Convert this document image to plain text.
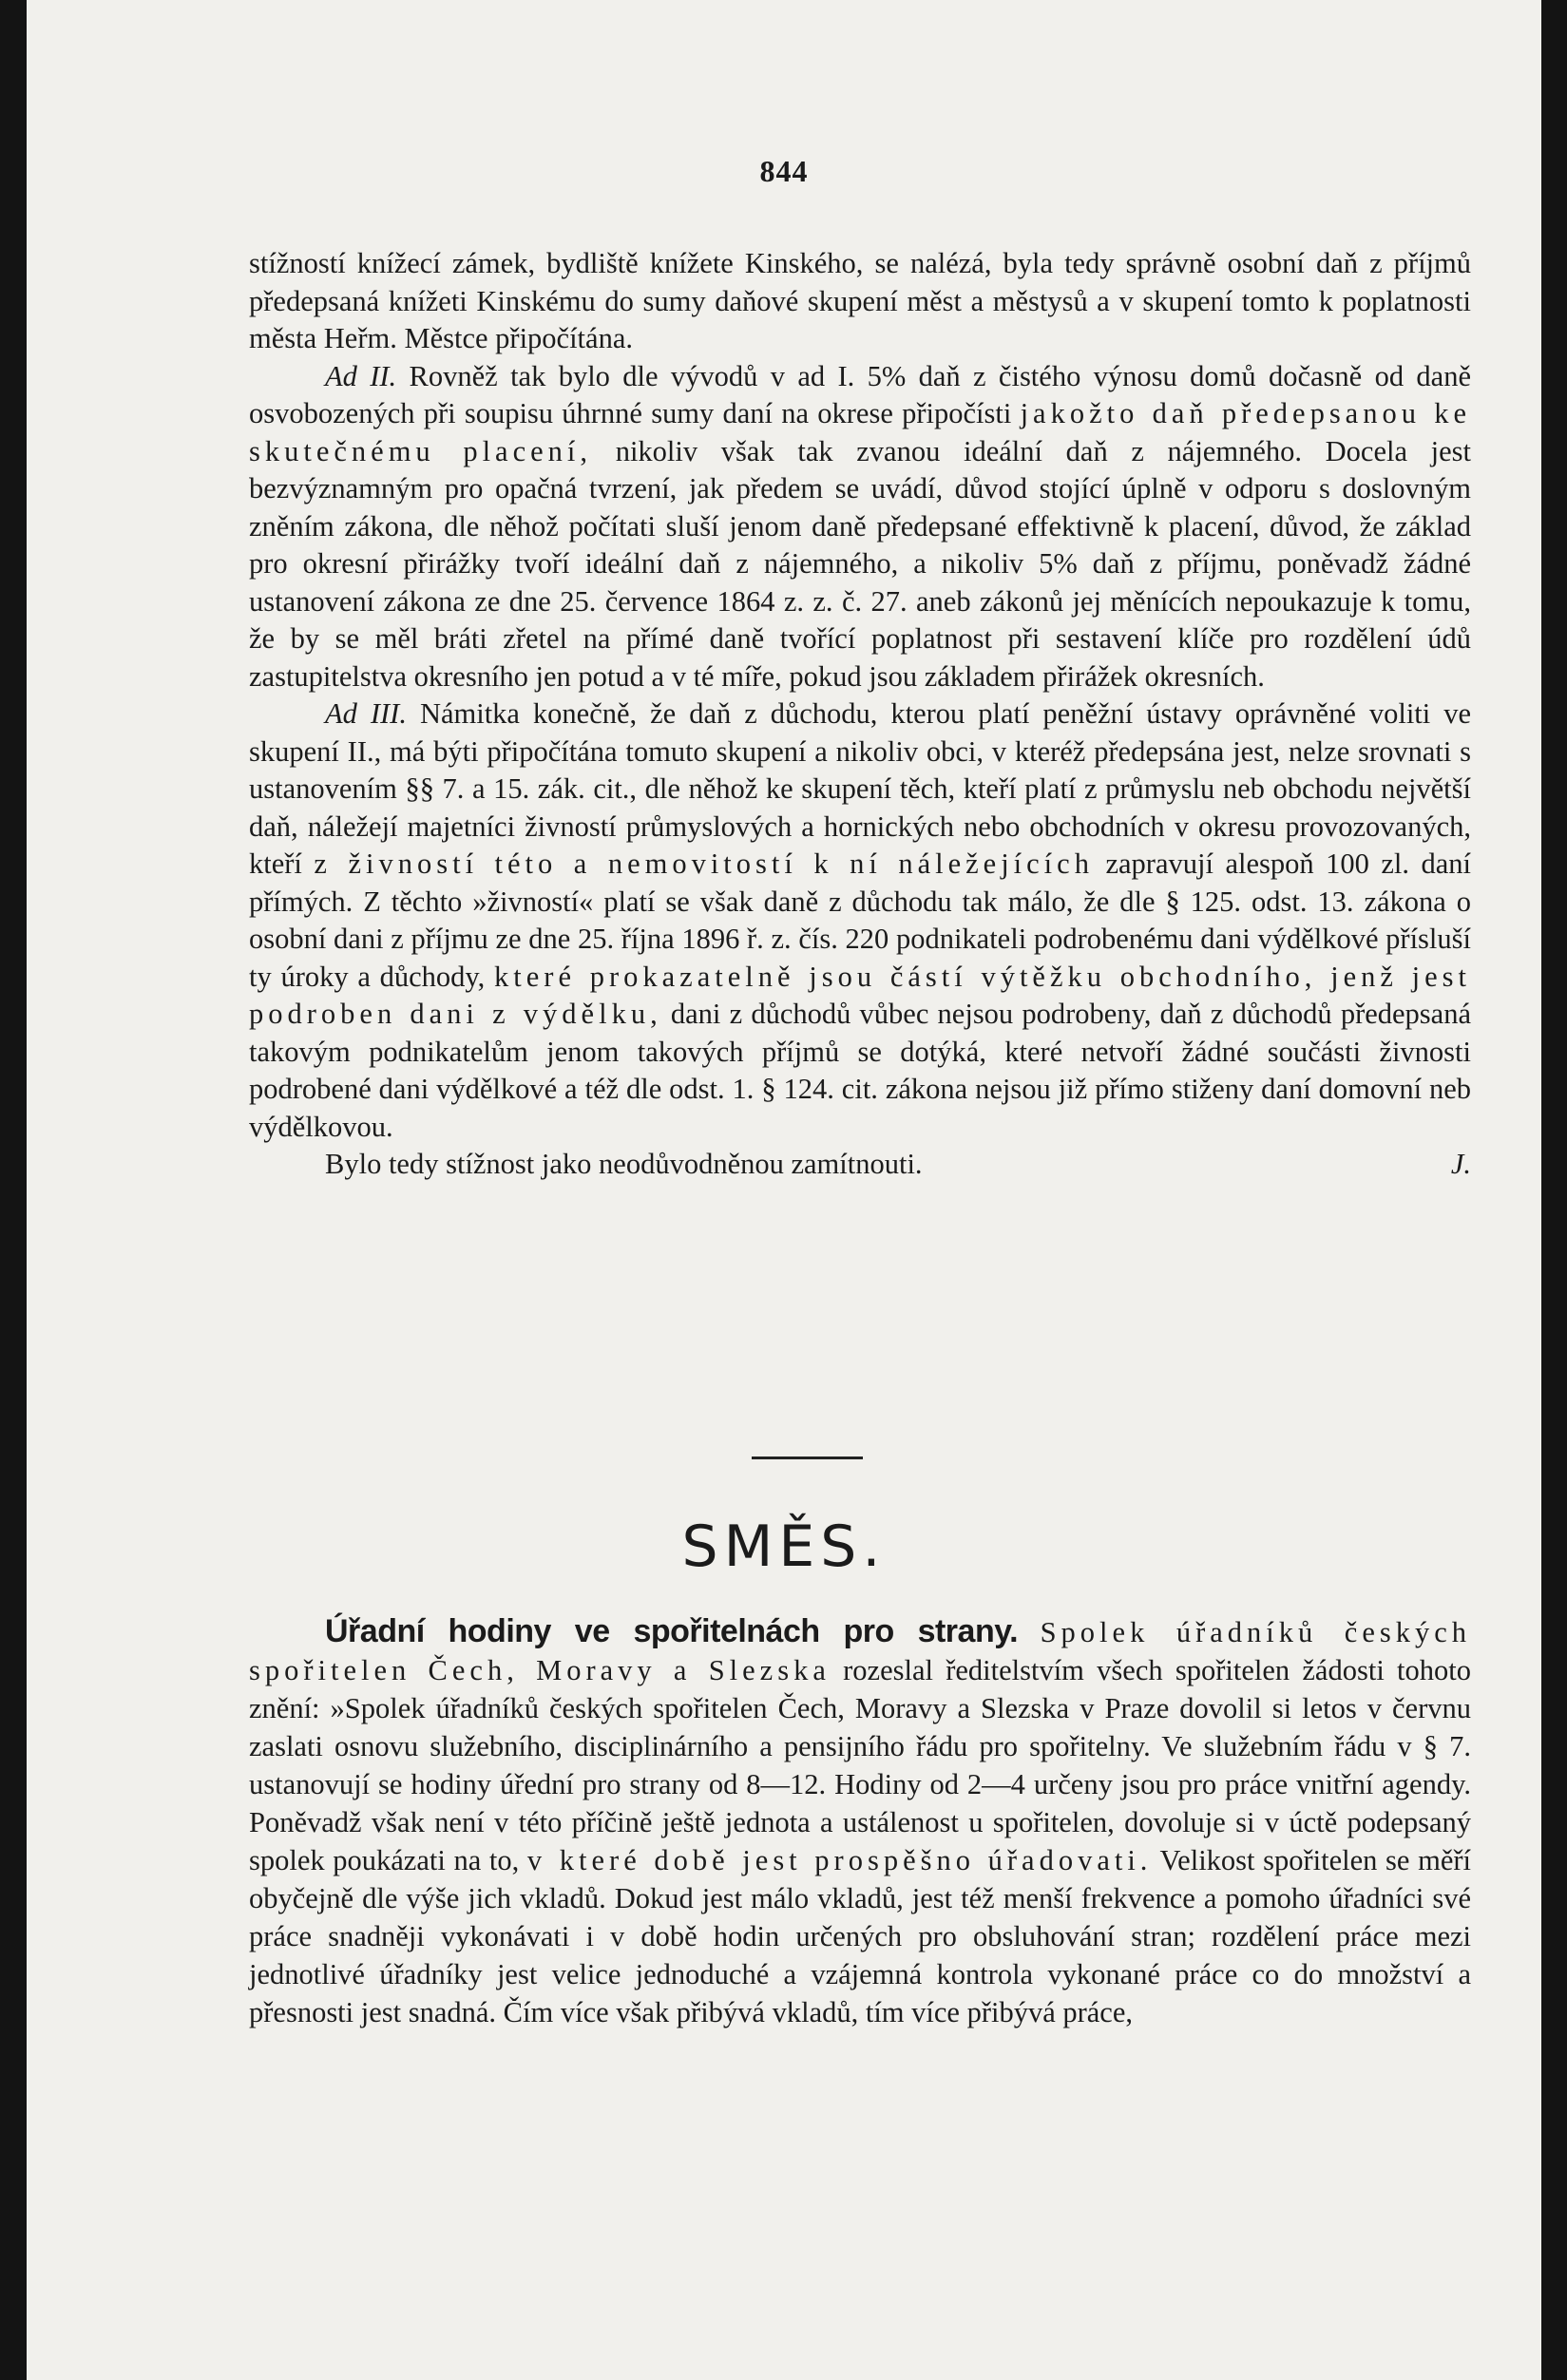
844

stížností knížecí zámek, bydliště knížete Kinského, se nalézá, byla tedy správně osobní daň z příjmů předepsaná knížeti Kinskému do sumy daňové skupení měst a městysů a v skupení tomto k poplatnosti města Heřm. Městce připočítána.

Ad II. Rovněž tak bylo dle vývodů v ad I. 5% daň z čistého výnosu domů dočasně od daně osvobozených při soupisu úhrnné sumy daní na okrese připočísti jakožto daň předepsanou ke skutečnému placení, nikoliv však tak zvanou ideální daň z nájemného. Docela jest bezvýznamným pro opačná tvrzení, jak předem se uvádí, důvod stojící úplně v odporu s doslovným zněním zákona, dle něhož počítati sluší jenom daně předepsané effektivně k placení, důvod, že základ pro okresní přirážky tvoří ideální daň z nájemného, a nikoliv 5% daň z příjmu, poněvadž žádné ustanovení zákona ze dne 25. července 1864 z. z. č. 27. aneb zákonů jej měnících nepoukazuje k tomu, že by se měl bráti zřetel na přímé daně tvořící poplatnost při sestavení klíče pro rozdělení údů zastupitelstva okresního jen potud a v té míře, pokud jsou základem přirážek okresních.

Ad III. Námitka konečně, že daň z důchodu, kterou platí peněžní ústavy oprávněné voliti ve skupení II., má býti připočítána tomuto skupení a nikoliv obci, v kteréž předepsána jest, nelze srovnati s ustanovením §§ 7. a 15. zák. cit., dle něhož ke skupení těch, kteří platí z průmyslu neb obchodu největší daň, náležejí majetníci živností průmyslových a hornických nebo obchodních v okresu provozovaných, kteří z živností této a nemovitostí k ní náležejících zapravují alespoň 100 zl. daní přímých. Z těchto »živností« platí se však daně z důchodu tak málo, že dle § 125. odst. 13. zákona o osobní dani z příjmu ze dne 25. října 1896 ř. z. čís. 220 podnikateli podrobenému dani výdělkové přísluší ty úroky a důchody, které prokazatelně jsou částí výtěžku obchodního, jenž jest podroben dani z výdělku, dani z důchodů vůbec nejsou podrobeny, daň z důchodů předepsaná takovým podnikatelům jenom takových příjmů se dotýká, které netvoří žádné součásti živnosti podrobené dani výdělkové a též dle odst. 1. § 124. cit. zákona nejsou již přímo stiženy daní domovní neb výdělkovou.

Bylo tedy stížnost jako neodůvodněnou zamítnouti.	J.

SMĚS.

Úřadní hodiny ve spořitelnách pro strany. Spolek úřadníků českých spořitelen Čech, Moravy a Slezska rozeslal ředitelstvím všech spořitelen žádosti tohoto znění: »Spolek úřadníků českých spořitelen Čech, Moravy a Slezska v Praze dovolil si letos v červnu zaslati osnovu služebního, disciplinárního a pensijního řádu pro spořitelny. Ve služebním řádu v § 7. ustanovují se hodiny úřední pro strany od 8—12. Hodiny od 2—4 určeny jsou pro práce vnitřní agendy. Poněvadž však není v této příčině ještě jednota a ustálenost u spořitelen, dovoluje si v úctě podepsaný spolek poukázati na to, v které době jest prospěšno úřadovati. Velikost spořitelen se měří obyčejně dle výše jich vkladů. Dokud jest málo vkladů, jest též menší frekvence a pomoho úřadníci své práce snadněji vykonávati i v době hodin určených pro obsluhování stran; rozdělení práce mezi jednotlivé úřadníky jest velice jednoduché a vzájemná kontrola vykonané práce co do množství a přesnosti jest snadná. Čím více však přibývá vkladů, tím více přibývá práce,
